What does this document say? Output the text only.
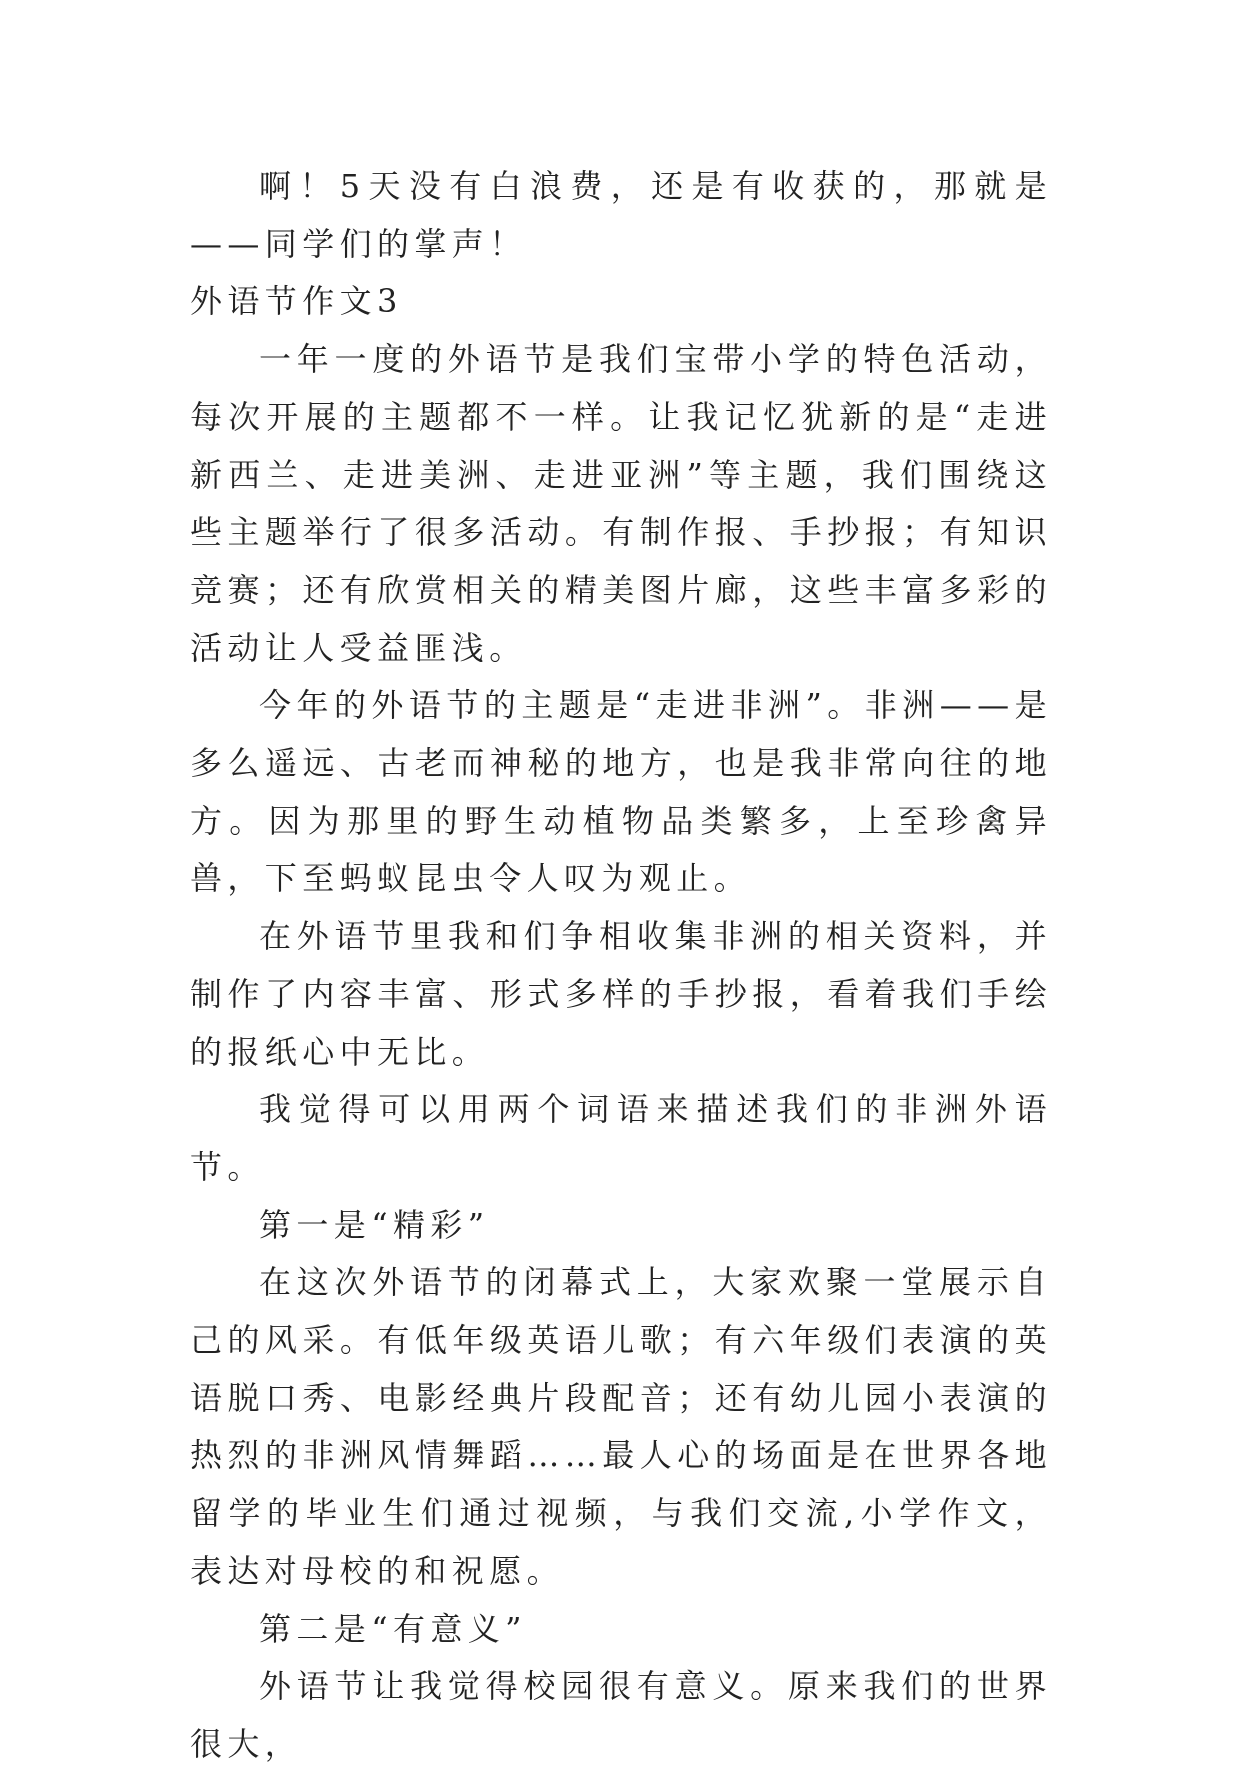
啊！5天没有白浪费，还是有收获的，那就是——同学们的掌声！

外语节作文3

一年一度的外语节是我们宝带小学的特色活动，每次开展的主题都不一样。让我记忆犹新的是“走进新西兰、走进美洲、走进亚洲”等主题，我们围绕这些主题举行了很多活动。有制作报、手抄报；有知识竞赛；还有欣赏相关的精美图片廊，这些丰富多彩的活动让人受益匪浅。

今年的外语节的主题是“走进非洲”。非洲——是多么遥远、古老而神秘的地方，也是我非常向往的地方。因为那里的野生动植物品类繁多，上至珍禽异兽，下至蚂蚁昆虫令人叹为观止。

在外语节里我和们争相收集非洲的相关资料，并制作了内容丰富、形式多样的手抄报，看着我们手绘的报纸心中无比。

我觉得可以用两个词语来描述我们的非洲外语节。

第一是“精彩”

在这次外语节的闭幕式上，大家欢聚一堂展示自己的风采。有低年级英语儿歌；有六年级们表演的英语脱口秀、电影经典片段配音；还有幼儿园小表演的热烈的非洲风情舞蹈……最人心的场面是在世界各地留学的毕业生们通过视频，与我们交流,小学作文，表达对母校的和祝愿。

第二是“有意义”

外语节让我觉得校园很有意义。原来我们的世界很大，
